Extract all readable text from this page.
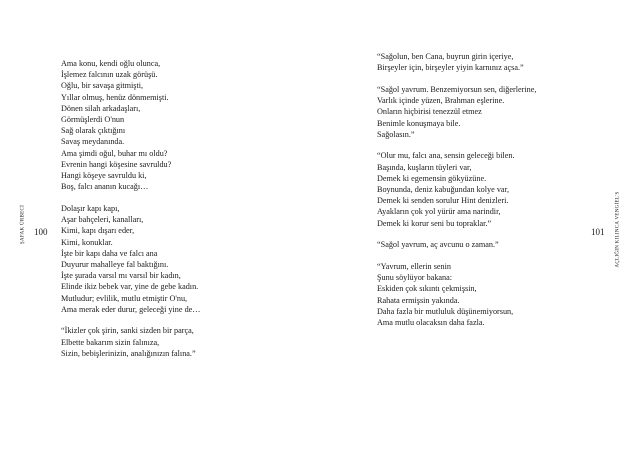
ŞAFAK ÜRBECİ 100
Ama konu, kendi oğlu olunca,
İşlemez falcının uzak görüşü.
Oğlu, bir savaşa gitmişti,
Yıllar olmuş, henüz dönmemişti.
Dönen silah arkadaşları,
Görmüşlerdi O'nun
Sağ olarak çıktığını
Savaş meydanında.
Ama şimdi oğul, buhar mı oldu?
Evrenin hangi köşesine savruldu?
Hangi köşeye savruldu ki,
Boş, falcı ananın kucağı…
Dolaşır kapı kapı,
Aşar bahçeleri, kanalları,
Kimi, kapı dışarı eder,
Kimi, konuklar.
İşte bir kapı daha ve falcı ana
Duyurur mahalleye fal baktığını.
İşte şurada varsıl mı varsıl bir kadın,
Elinde ikiz bebek var, yine de gebe kadın.
Mutludur; evlilik, mutlu etmiştir O'nu,
Ama merak eder durur, geleceği yine de…
“İkizler çok şirin, sanki sizden bir parça,
Elbette bakarım sizin falınıza,
Sizin, bebişlerinizin, analığınızın falına.”
“Sağolun, ben Cana, buyrun girin içeriye,
Birşeyler için, birşeyler yiyin karnınız açsa.”
“Sağol yavrum. Benzemiyorsun sen, diğerlerine,
Varlık içinde yüzen, Brahman eşlerine.
Onların hiçbirisi tenezzül etmez
Benimle konuşmaya bile.
Sağolasın.”
“Olur mu, falcı ana, sensin geleceği bilen.
Başında, kuşların tüyleri var,
Demek ki egemensin gökyüzüne.
Boynunda, deniz kabuğundan kolye var,
Demek ki senden sorulur Hint denizleri.
Ayakların çok yol yürür ama narindir,
Demek ki korur seni bu topraklar.”
“Sağol yavrum, aç avcunu o zaman.”
“Yavrum, ellerin senin
Şunu söylüyor bakana:
Eskiden çok sıkıntı çekmişsin,
Rahata ermişsin yakında.
Daha fazla bir mutluluk düşünemiyorsun,
Ama mutlu olacaksın daha fazla.
101 AÇLIĞIN KILINCA VENGİEL'S
